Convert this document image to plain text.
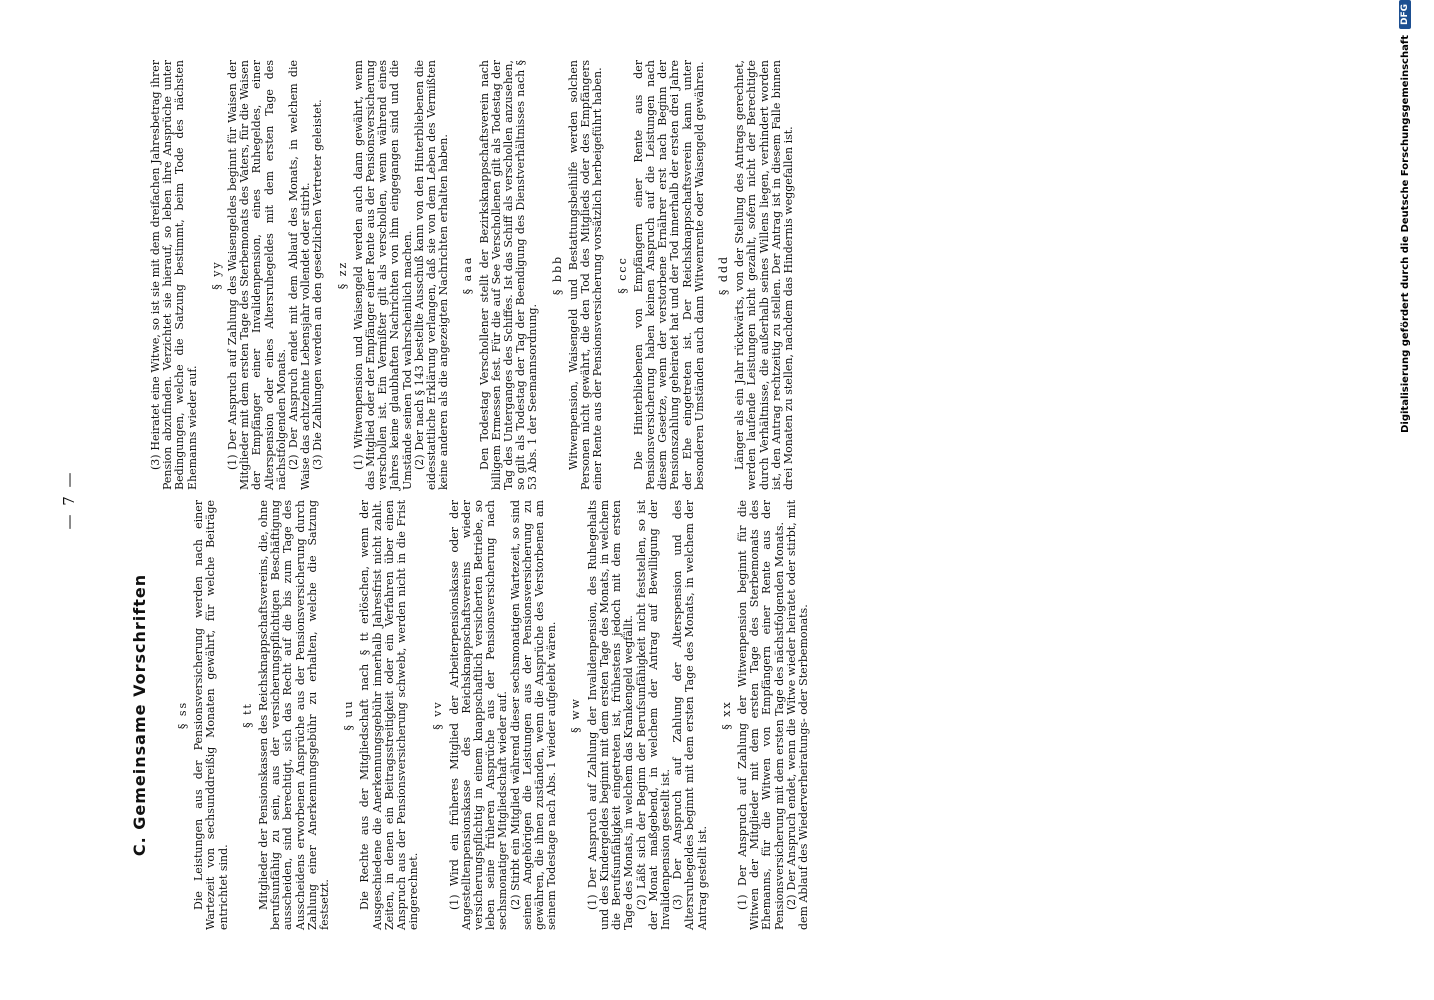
— 7 —
C. Gemeinsame Vorschriften § ss Die Leistungen aus der Pensionsversicherung werden nach einer Wartezeit von sechsunddreißig Monaten gewährt, für welche Beiträge entrichtet sind.

§ tt Mitglieder der Pensionskassen des Reichsknappschaftsvereins, die, ohne berufsunfähig zu sein, aus der versicherungspflichtigen Beschäftigung ausscheiden, sind berechtigt, sich das Recht auf die bis zum Tage des Ausscheidens erworbenen Ansprüche aus der Pensionsversicherung durch Zahlung einer Anerkennungsgebühr zu erhalten, welche die Satzung festsetzt.

§ uu Die Rechte aus der Mitgliedschaft nach § tt erlöschen, wenn der Ausgeschiedene die Anerkennungsgebühr innerhalb Jahresfrist nicht zahlt. Zeiten, in denen ein Beitragsstreitigkeit oder ein Verfahren über einen Anspruch aus der Pensionsversicherung schwebt, werden nicht in die Frist eingerechnet.

§ vv (1) Wird ein früheres Mitglied der Arbeiterpensionskasse oder der Angestelltenpensionskasse des Reichsknappschaftsvereins wieder versicherungspflichtig in einem knappschaftlich versicherten Betriebe, so leben seine früheren Ansprüche aus der Pensionsversicherung nach sechsmonatiger Mitgliedschaft wieder auf. (2) Stirbt ein Mitglied während dieser sechsmonatigen Wartezeit, so sind seinen Angehörigen die Leistungen aus der Pensionsversicherung zu gewähren, die ihnen zuständen, wenn die Ansprüche des Verstorbenen am seinem Todestage nach Abs. 1 wieder aufgelebt wären. § ww (1) Der Anspruch auf Zahlung der Invalidenpension, des Ruhegehalts und des Kindergeldes beginnt mit dem ersten Tage des Monats, in welchem die Berufsunfähigkeit eingetreten ist, frühestens jedoch mit dem ersten Tage des Monats, in welchem das Krankengeld wegfällt. (2) Läßt sich der Beginn der Berufsunfähigkeit nicht feststellen, so ist der Monat maßgebend, in welchem der Antrag auf Bewilligung der Invalidenpension gestellt ist. (3) Der Anspruch auf Zahlung der Alterspension und des Altersruhegeldes beginnt mit dem ersten Tage des Monats, in welchem der Antrag gestellt ist.

§ xx (1) Der Anspruch auf Zahlung der Witwenpension beginnt für die Witwen der Mitglieder mit dem ersten Tage des Sterbemonats des Ehemanns, für die Witwen von Empfängern einer Rente aus der Pensionsversicherung mit dem ersten Tage des nächstfolgenden Monats. (2) Der Anspruch endet, wenn die Witwe wieder heiratet oder stirbt, mit dem Ablauf des Wiederverheiratungs- oder Sterbemonats.

(3) Heiratet eine Witwe, so ist sie mit dem dreifachen Jahresbetrag ihrer Pension abzufinden. Verzichtet sie hierauf, so leben ihre Ansprüche unter Bedingungen, welche die Satzung bestimmt, beim Tode des nächsten Ehemanns wieder auf.

§ yy (1) Der Anspruch auf Zahlung des Waisengeldes beginnt für Waisen der Mitglieder mit dem ersten Tage des Sterbemonats des Vaters, für die Waisen der Empfänger einer Invalidenpension, eines Ruhegeldes, einer Alterspension oder eines Altersruhegeldes mit dem ersten Tage des nächstfolgenden Monats. (2) Der Anspruch endet mit dem Ablauf des Monats, in welchem die Waise das achtzehnte Lebensjahr vollendet oder stirbt. (3) Die Zahlungen werden an den gesetzlichen Vertreter geleistet. § zz (1) Witwenpension und Waisengeld werden auch dann gewährt, wenn das Mitglied oder der Empfänger einer Rente aus der Pensionsversicherung verschollen ist. Ein Vermißter gilt als verschollen, wenn während eines Jahres keine glaubhaften Nachrichten von ihm eingegangen sind und die Umstände seinen Tod wahrscheinlich machen. (2) Der nach § 143 bestellte Ausschuß kann von den Hinterbliebenen die eidesstattliche Erklärung verlangen, daß sie von dem Leben des Vermißten keine anderen als die angezeigten Nachrichten erhalten haben. § aaa Den Todestag Verschollener stellt der Bezirksknappschaftsverein nach billigem Ermessen fest. Für die auf See Verschollenen gilt als Todestag der Tag des Unterganges des Schiffes. Ist das Schiff als verschollen anzusehen, so gilt als Todestag der Tag der Beendigung des Dienstverhältnisses nach § 53 Abs. 1 der Seemannsordnung.

§ bbb Witwenpension, Waisengeld und Bestattungsbeihilfe werden solchen Personen nicht gewährt, die den Tod des Mitglieds oder des Empfängers einer Rente aus der Pensionsversicherung vorsätzlich herbeigeführt haben. § ccc Die Hinterbliebenen von Empfängern einer Rente aus der Pensionsversicherung haben keinen Anspruch auf die Leistungen nach diesem Gesetze, wenn der verstorbene Ernährer erst nach Beginn der Pensionszahlung geheiratet hat und der Tod innerhalb der ersten drei Jahre der Ehe eingetreten ist. Der Reichsknappschaftsverein kann unter besonderen Umständen auch dann Witwenrente oder Waisengeld gewähren. § ddd Länger als ein Jahr rückwärts, von der Stellung des Antrags gerechnet, werden laufende Leistungen nicht gezahlt, sofern nicht der Berechtigte durch Verhältnisse, die außerhalb seines Willens liegen, verhindert worden ist, den Antrag rechtzeitig zu stellen. Der Antrag ist in diesem Falle binnen drei Monaten zu stellen, nachdem das Hindernis weggefallen ist.	Digitalisierung gefördert durch die Deutsche Forschungsgemeinschaft
DFG
